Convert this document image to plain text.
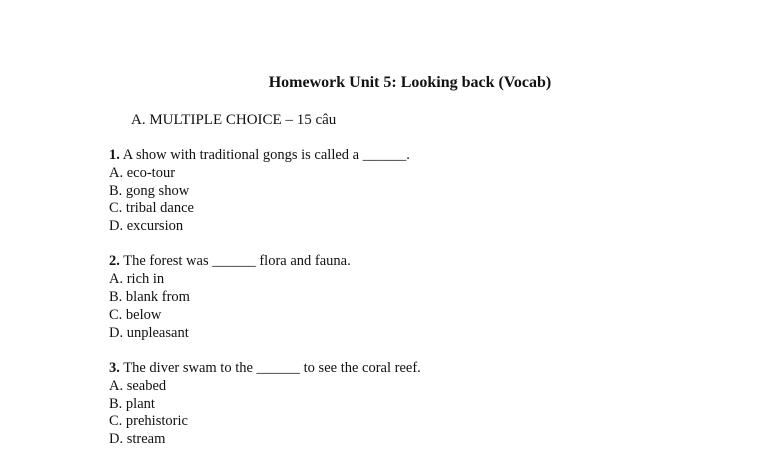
Homework Unit 5: Looking back (Vocab)

A. MULTIPLE CHOICE – 15 câu

1. A show with traditional gongs is called a ______.

A. eco-tour
B. gong show
C. tribal dance
D. excursion

2. The forest was ______ flora and fauna.

A. rich in
B. blank from
C. below
D. unpleasant

3. The diver swam to the ______ to see the coral reef.

A. seabed
B. plant
C. prehistoric
D. stream
